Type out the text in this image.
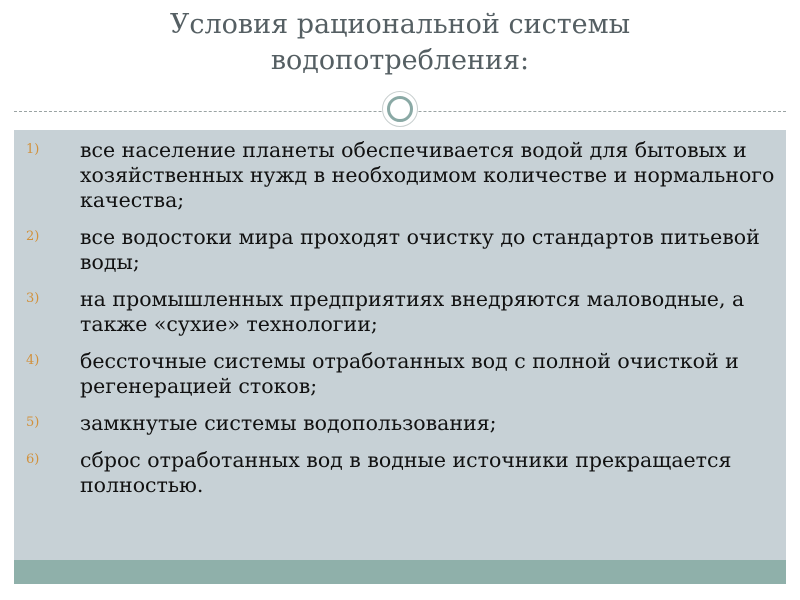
Условия рациональной системы
водопотребления:
1) все население планеты обеспечивается водой для бытовых и хозяйственных нужд в необходимом количестве и нормального качества;
2) все водостоки мира проходят очистку до стандартов питьевой воды;
3) на промышленных предприятиях внедряются маловодные, а также «сухие» технологии;
4) бессточные системы отработанных вод с полной очисткой и регенерацией стоков;
5) замкнутые системы водопользования;
6) сброс отработанных вод в водные источники прекращается полностью.
